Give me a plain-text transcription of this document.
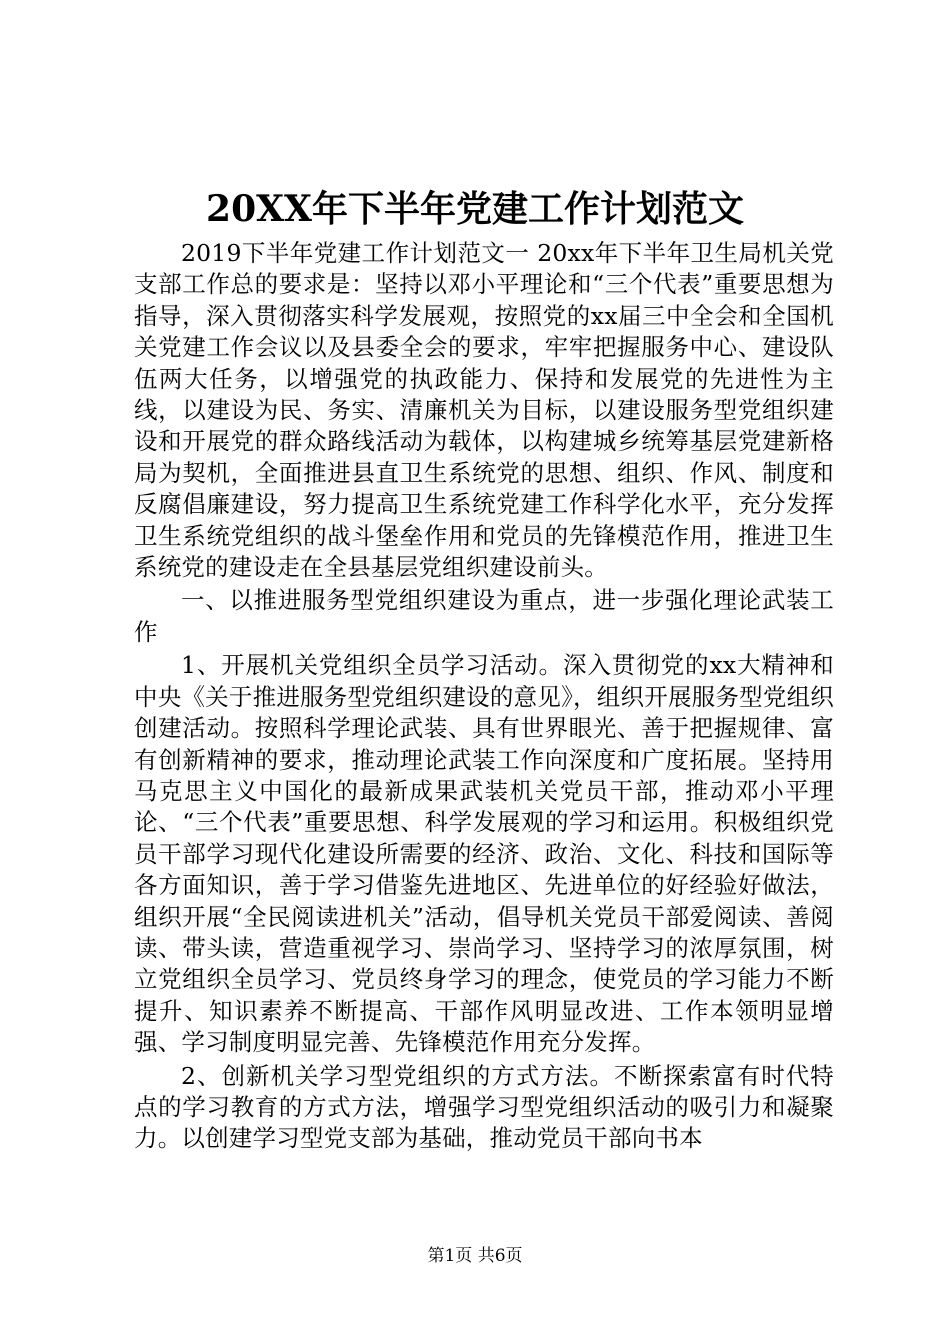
20XX年下半年党建工作计划范文

2019下半年党建工作计划范文一 20xx年下半年卫生局机关党支部工作总的要求是：坚持以邓小平理论和“三个代表”重要思想为指导，深入贯彻落实科学发展观，按照党的xx届三中全会和全国机关党建工作会议以及县委全会的要求，牢牢把握服务中心、建设队伍两大任务，以增强党的执政能力、保持和发展党的先进性为主线，以建设为民、务实、清廉机关为目标，以建设服务型党组织建设和开展党的群众路线活动为载体，以构建城乡统筹基层党建新格局为契机，全面推进县直卫生系统党的思想、组织、作风、制度和反腐倡廉建设，努力提高卫生系统党建工作科学化水平，充分发挥卫生系统党组织的战斗堡垒作用和党员的先锋模范作用，推进卫生系统党的建设走在全县基层党组织建设前头。

一、以推进服务型党组织建设为重点，进一步强化理论武装工作

1、开展机关党组织全员学习活动。深入贯彻党的xx大精神和中央《关于推进服务型党组织建设的意见》，组织开展服务型党组织创建活动。按照科学理论武装、具有世界眼光、善于把握规律、富有创新精神的要求，推动理论武装工作向深度和广度拓展。坚持用马克思主义中国化的最新成果武装机关党员干部，推动邓小平理论、“三个代表”重要思想、科学发展观的学习和运用。积极组织党员干部学习现代化建设所需要的经济、政治、文化、科技和国际等各方面知识，善于学习借鉴先进地区、先进单位的好经验好做法，组织开展“全民阅读进机关”活动，倡导机关党员干部爱阅读、善阅读、带头读，营造重视学习、崇尚学习、坚持学习的浓厚氛围，树立党组织全员学习、党员终身学习的理念，使党员的学习能力不断提升、知识素养不断提高、干部作风明显改进、工作本领明显增强、学习制度明显完善、先锋模范作用充分发挥。

2、创新机关学习型党组织的方式方法。不断探索富有时代特点的学习教育的方式方法，增强学习型党组织活动的吸引力和凝聚力。以创建学习型党支部为基础，推动党员干部向书本

第1页 共6页
